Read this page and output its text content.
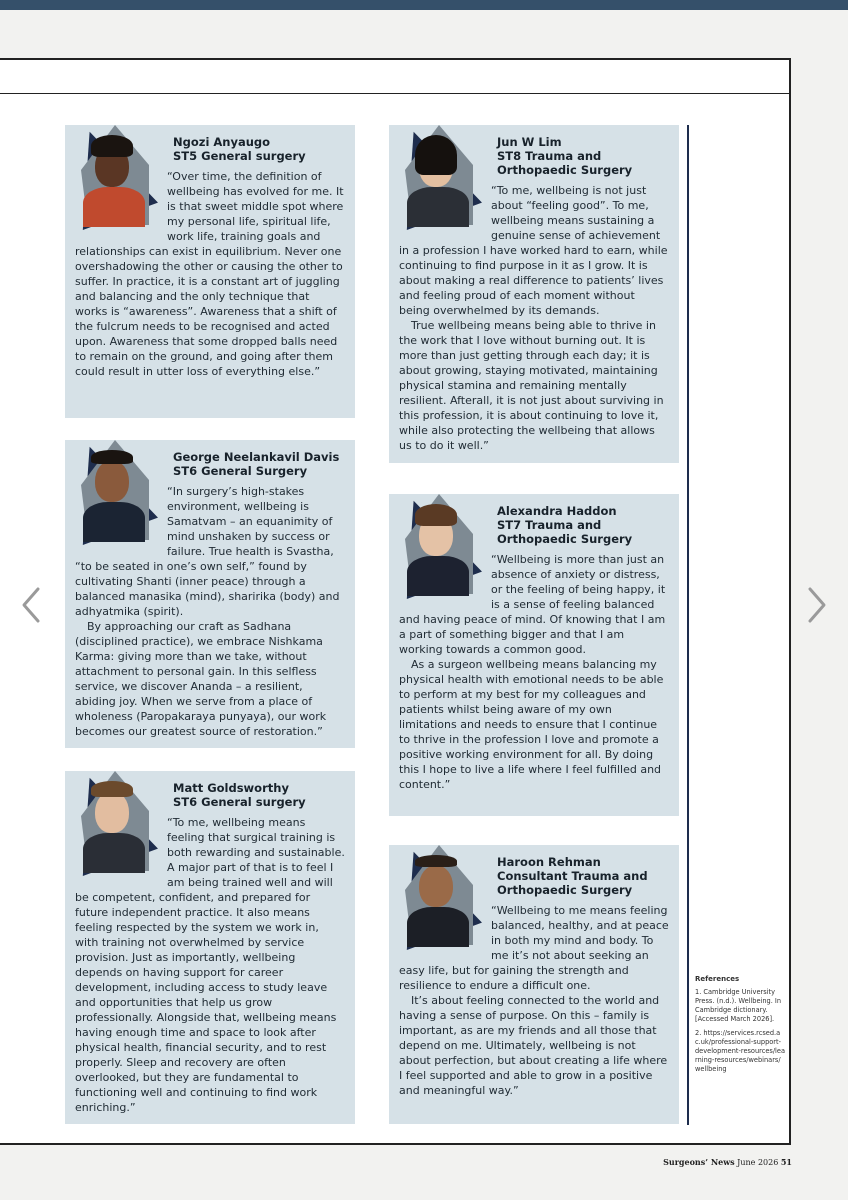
Ngozi Anyaugo
ST5 General surgery

“Over time, the definition of wellbeing has evolved for me. It is that sweet middle spot where my personal life, spiritual life, work life, training goals and relationships can exist in equilibrium. Never one overshadowing the other or causing the other to suffer. In practice, it is a constant art of juggling and balancing and the only technique that works is “awareness”. Awareness that a shift of the fulcrum needs to be recognised and acted upon. Awareness that some dropped balls need to remain on the ground, and going after them could result in utter loss of everything else.”

Jun W Lim
ST8 Trauma and Orthopaedic Surgery

“To me, wellbeing is not just about “feeling good”. To me, wellbeing means sustaining a genuine sense of achievement in a profession I have worked hard to earn, while continuing to find purpose in it as I grow. It is about making a real difference to patients’ lives and feeling proud of each moment without being overwhelmed by its demands.

True wellbeing means being able to thrive in the work that I love without burning out. It is more than just getting through each day; it is about growing, staying motivated, maintaining physical stamina and remaining mentally resilient. Afterall, it is not just about surviving in this profession, it is about continuing to love it, while also protecting the wellbeing that allows us to do it well.”

George Neelankavil Davis
ST6 General Surgery

“In surgery’s high-stakes environment, wellbeing is Samatvam – an equanimity of mind unshaken by success or failure. True health is Svastha, “to be seated in one’s own self,” found by cultivating Shanti (inner peace) through a balanced manasika (mind), sharirika (body) and adhyatmika (spirit).

By approaching our craft as Sadhana (disciplined practice), we embrace Nishkama Karma: giving more than we take, without attachment to personal gain. In this selfless service, we discover Ananda – a resilient, abiding joy. When we serve from a place of wholeness (Paropakaraya punyaya), our work becomes our greatest source of restoration.”

Alexandra Haddon
ST7 Trauma and Orthopaedic Surgery

“Wellbeing is more than just an absence of anxiety or distress, or the feeling of being happy, it is a sense of feeling balanced and having peace of mind. Of knowing that I am a part of something bigger and that I am working towards a common good.

As a surgeon wellbeing means balancing my physical health with emotional needs to be able to perform at my best for my colleagues and patients whilst being aware of my own limitations and needs to ensure that I continue to thrive in the profession I love and promote a positive working environment for all. By doing this I hope to live a life where I feel fulfilled and content.”

Matt Goldsworthy
ST6 General surgery

“To me, wellbeing means feeling that surgical training is both rewarding and sustainable. A major part of that is to feel I am being trained well and will be competent, confident, and prepared for future independent practice. It also means feeling respected by the system we work in, with training not overwhelmed by service provision. Just as importantly, wellbeing depends on having support for career development, including access to study leave and opportunities that help us grow professionally. Alongside that, wellbeing means having enough time and space to look after physical health, financial security, and to rest properly. Sleep and recovery are often overlooked, but they are fundamental to functioning well and continuing to find work enriching.”

Haroon Rehman
Consultant Trauma and Orthopaedic Surgery

“Wellbeing to me means feeling balanced, healthy, and at peace in both my mind and body. To me it’s not about seeking an easy life, but for gaining the strength and resilience to endure a difficult one.

It’s about feeling connected to the world and having a sense of purpose. On this – family is important, as are my friends and all those that depend on me. Ultimately, wellbeing is not about perfection, but about creating a life where I feel supported and able to grow in a positive and meaningful way.”

References

1. Cambridge University Press. (n.d.). Wellbeing. In Cambridge dictionary. [Accessed March 2026].

2. https://services.rcsed.ac.uk/professional-support-development-resources/learning-resources/webinars/wellbeing

Surgeons’ News June 2026 51
